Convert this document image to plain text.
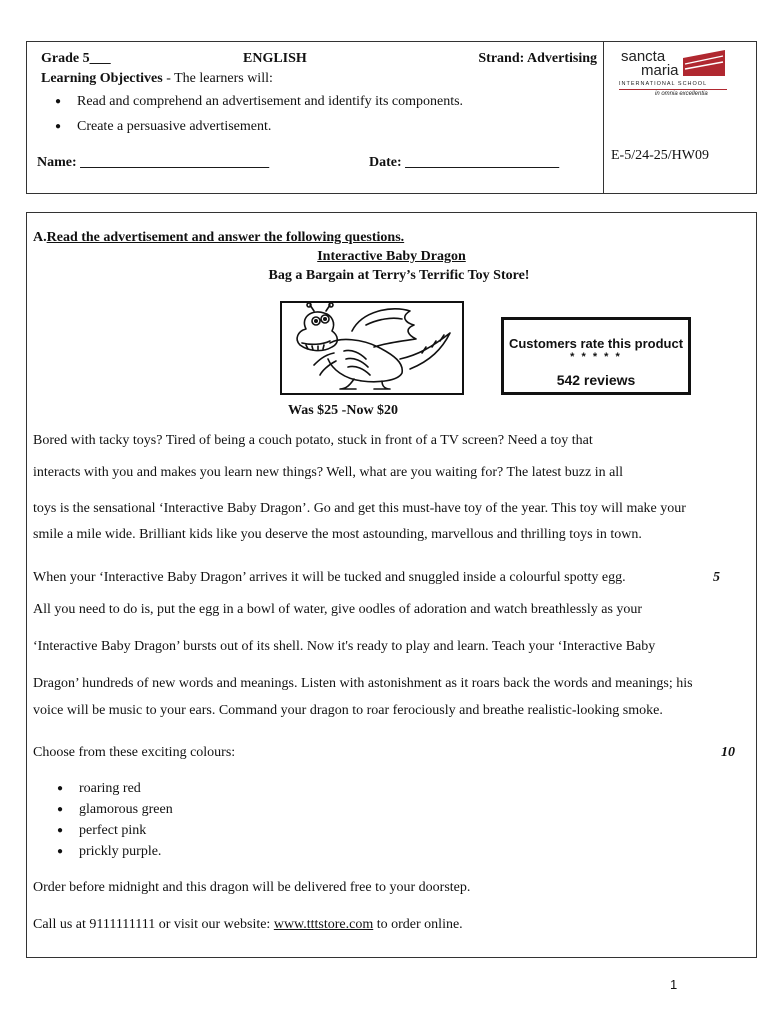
Grade 5___	ENGLISH	Strand: Advertising
Learning Objectives - The learners will:
● Read and comprehend an advertisement and identify its components.
● Create a persuasive advertisement.
Name: ___________________________	Date: ______________________
sancta
maria
INTERNATIONAL SCHOOL
in omnia excellentia
E-5/24-25/HW09
A.Read the advertisement and answer the following questions.
Interactive Baby Dragon
Bag a Bargain at Terry’s Terrific Toy Store!
Customers rate this product
* * * * *
542 reviews
Was $25 -Now $20
Bored with tacky toys? Tired of being a couch potato, stuck in front of a TV screen? Need a toy that
interacts with you and makes you learn new things? Well, what are you waiting for? The latest buzz in all
toys is the sensational ‘Interactive Baby Dragon’. Go and get this must-have toy of the year. This toy will make your
smile a mile wide. Brilliant kids like you deserve the most astounding, marvellous and thrilling toys in town.
When your ‘Interactive Baby Dragon’ arrives it will be tucked and snuggled inside a colourful spotty egg.	5
All you need to do is, put the egg in a bowl of water, give oodles of adoration and watch breathlessly as your
‘Interactive Baby Dragon’ bursts out of its shell. Now it's ready to play and learn. Teach your ‘Interactive Baby
Dragon’ hundreds of new words and meanings. Listen with astonishment as it roars back the words and meanings; his
voice will be music to your ears. Command your dragon to roar ferociously and breathe realistic-looking smoke.
Choose from these exciting colours:	10
● roaring red
● glamorous green
● perfect pink
● prickly purple.
Order before midnight and this dragon will be delivered free to your doorstep.
Call us at 9111111111 or visit our website: www.tttstore.com to order online.
1
